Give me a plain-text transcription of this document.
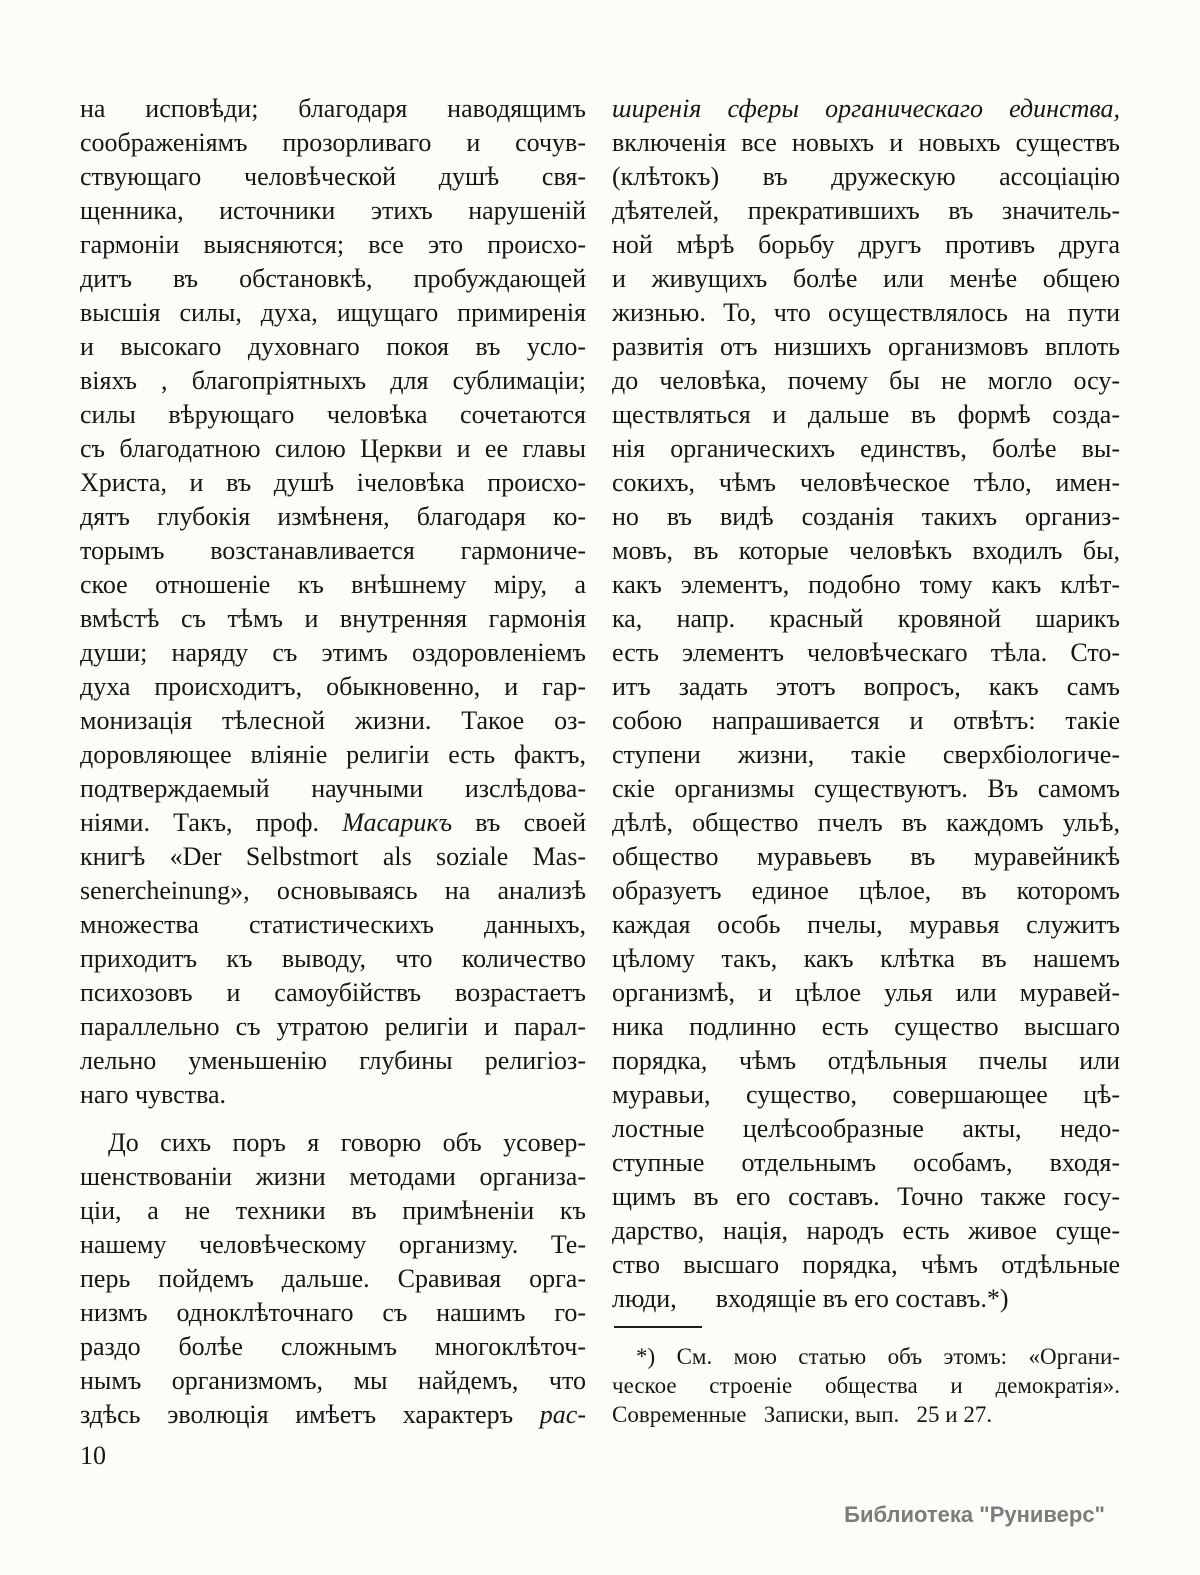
на исповѣди; благодаря наводящимъ
соображеніямъ прозорливаго и сочув-
ствующаго человѣческой душѣ свя-
щенника, источники этихъ нарушеній
гармоніи выясняются; все это происхо-
дитъ въ обстановкѣ, пробуждающей
высшія силы, духа, ищущаго примиренія
и высокаго духовнаго покоя въ усло-
віяхъ , благопріятныхъ для сублимаціи;
силы вѣрующаго человѣка сочетаются
съ благодатною силою Церкви и ее главы
Христа, и въ душѣ ічеловѣка происхо-
дятъ глубокія измѣненя, благодаря ко-
торымъ возстанавливается гармониче-
ское отношеніе къ внѣшнему міру, а
вмѣстѣ съ тѣмъ и внутренняя гармонія
души; наряду съ этимъ оздоровленіемъ
духа происходитъ, обыкновенно, и гар-
монизація тѣлесной жизни. Такое оз-
доровляющее вліяніе религіи есть фактъ,
подтверждаемый научными изслѣдова-
ніями. Такъ, проф. Масарикъ въ своей
книгѣ «Der Selbstmort als soziale Mas-
senercheinung», основываясь на анализѣ
множества статистическихъ данныхъ,
приходитъ къ выводу, что количество
психозовъ и самоубійствъ возрастаетъ
параллельно съ утратою религіи и парал-
лельно уменьшенію глубины религіоз-
наго чувства.
До сихъ поръ я говорю объ усовер-
шенствованіи жизни методами организа-
ціи, а не техники въ примѣненіи къ
нашему человѣческому организму. Те-
перь пойдемъ дальше. Сравивая орга-
низмъ одноклѣточнаго съ нашимъ го-
раздо болѣе сложнымъ многоклѣточ-
нымъ организмомъ, мы найдемъ, что
здѣсь эволюція имѣетъ характеръ рас-
ширенія сферы органическаго единства,
включенія все новыхъ и новыхъ существъ
(клѣтокъ) въ дружескую ассоціацію
дѣятелей, прекратившихъ въ значитель-
ной мѣрѣ борьбу другъ противъ друга
и живущихъ болѣе или менѣе общею
жизнью. То, что осуществлялось на пути
развитія отъ низшихъ организмовъ вплоть
до человѣка, почему бы не могло осу-
ществляться и дальше въ формѣ созда-
нія органическихъ единствъ, болѣе вы-
сокихъ, чѣмъ человѣческое тѣло, имен-
но въ видѣ созданія такихъ организ-
мовъ, въ которые человѣкъ входилъ бы,
какъ элементъ, подобно тому какъ клѣт-
ка, напр. красный кровяной шарикъ
есть элементъ человѣческаго тѣла. Сто-
итъ задать этотъ вопросъ, какъ самъ
собою напрашивается и отвѣтъ: такіе
ступени жизни, такіе сверхбіологиче-
скіе организмы существуютъ. Въ самомъ
дѣлѣ, общество пчелъ въ каждомъ ульѣ,
общество муравьевъ въ муравейникѣ
образуетъ единое цѣлое, въ которомъ
каждая особь пчелы, муравья служитъ
цѣлому такъ, какъ клѣтка въ нашемъ
организмѣ, и цѣлое улья или муравей-
ника подлинно есть существо высшаго
порядка, чѣмъ отдѣльныя пчелы или
муравьи, существо, совершающее цѣ-
лостные целѣсообразные акты, недо-
ступные отдельнымъ особамъ, входя-
щимъ въ его составъ. Точно также госу-
дарство, нація, народъ есть живое суще-
ство высшаго порядка, чѣмъ отдѣльные
люди,      входящіе въ его составъ.*)
*) См. мою статью объ этомъ: «Органи-
ческое строеніе общества и демократія».
Современные   Записки, вып.   25 и 27.
10
Библиотека "Руниверс"
